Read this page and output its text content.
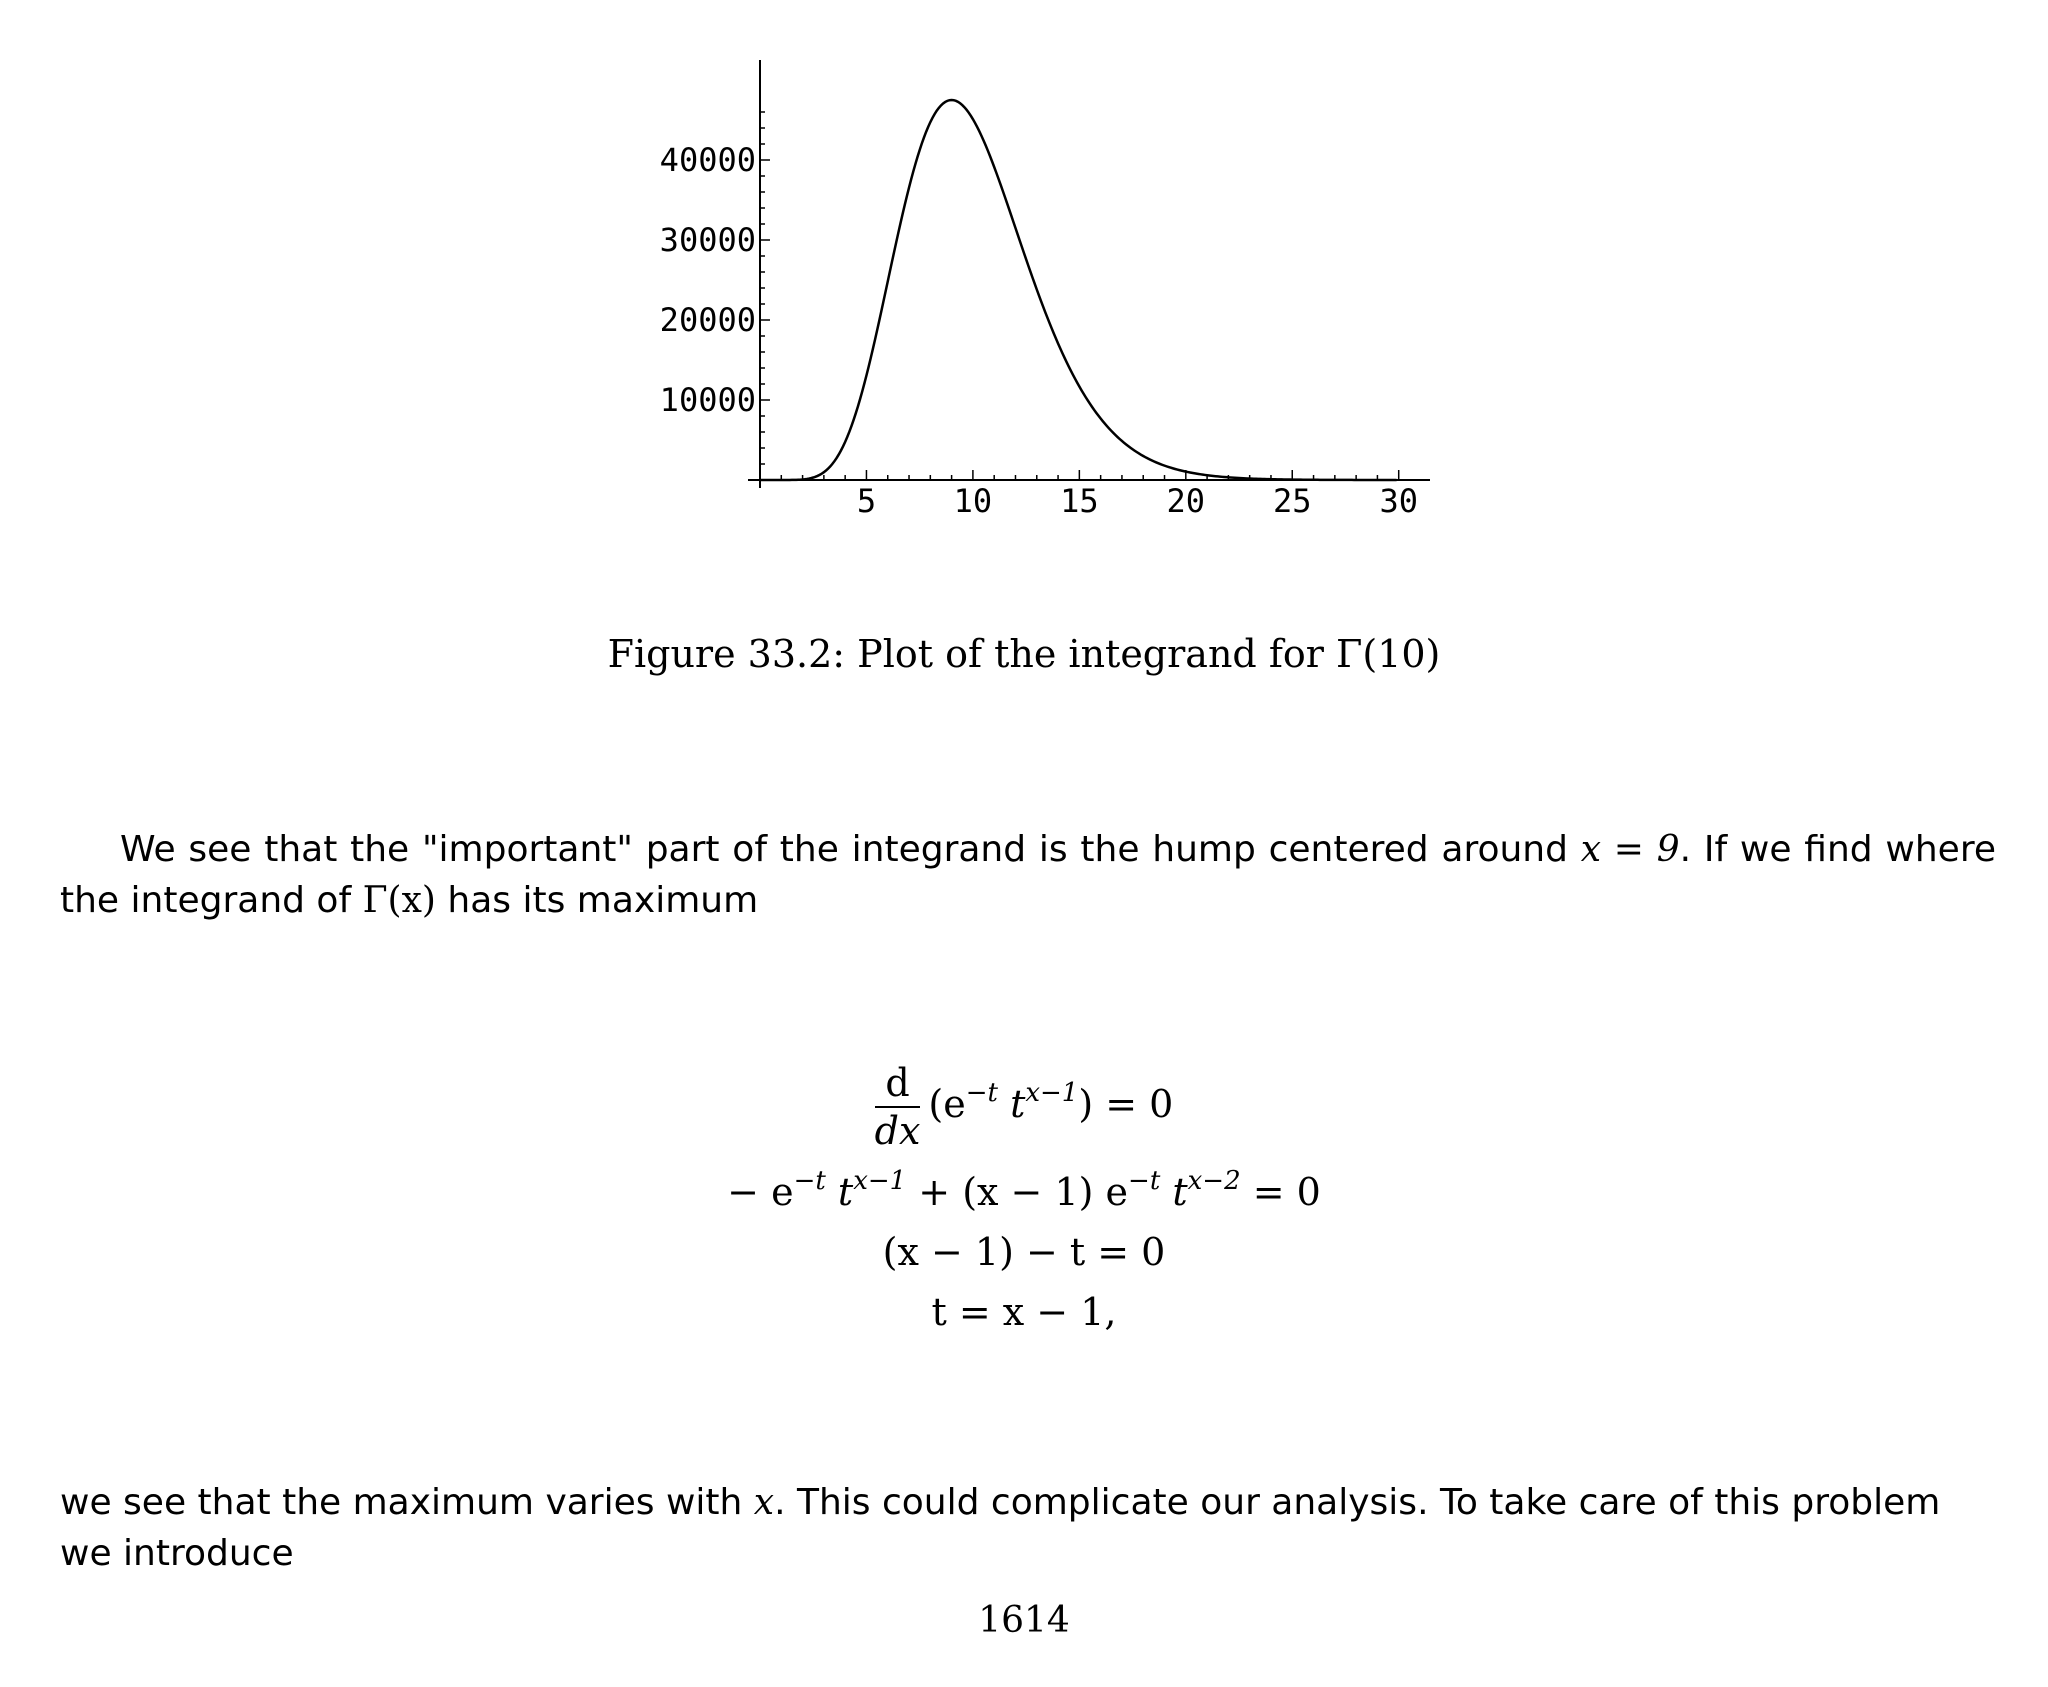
5 10 15 20 25 30
10000
20000
30000
40000
Figure 33.2: Plot of the integrand for Γ(10)
We see that the "important" part of the integrand is the hump centered around x = 9. If we find where the integrand of Γ(x) has its maximum
$\frac{d}{dx} (e^{-t}$ $t^{x-1}) = 0$
− $e^{-t}$ $t^{x-1} + (x - 1)$ $e^{-t}$ $t^{x-2} = 0$
(x − 1) − t = 0
t = x − 1,
we see that the maximum varies with x. This could complicate our analysis. To take care of this problem we introduce
1614
